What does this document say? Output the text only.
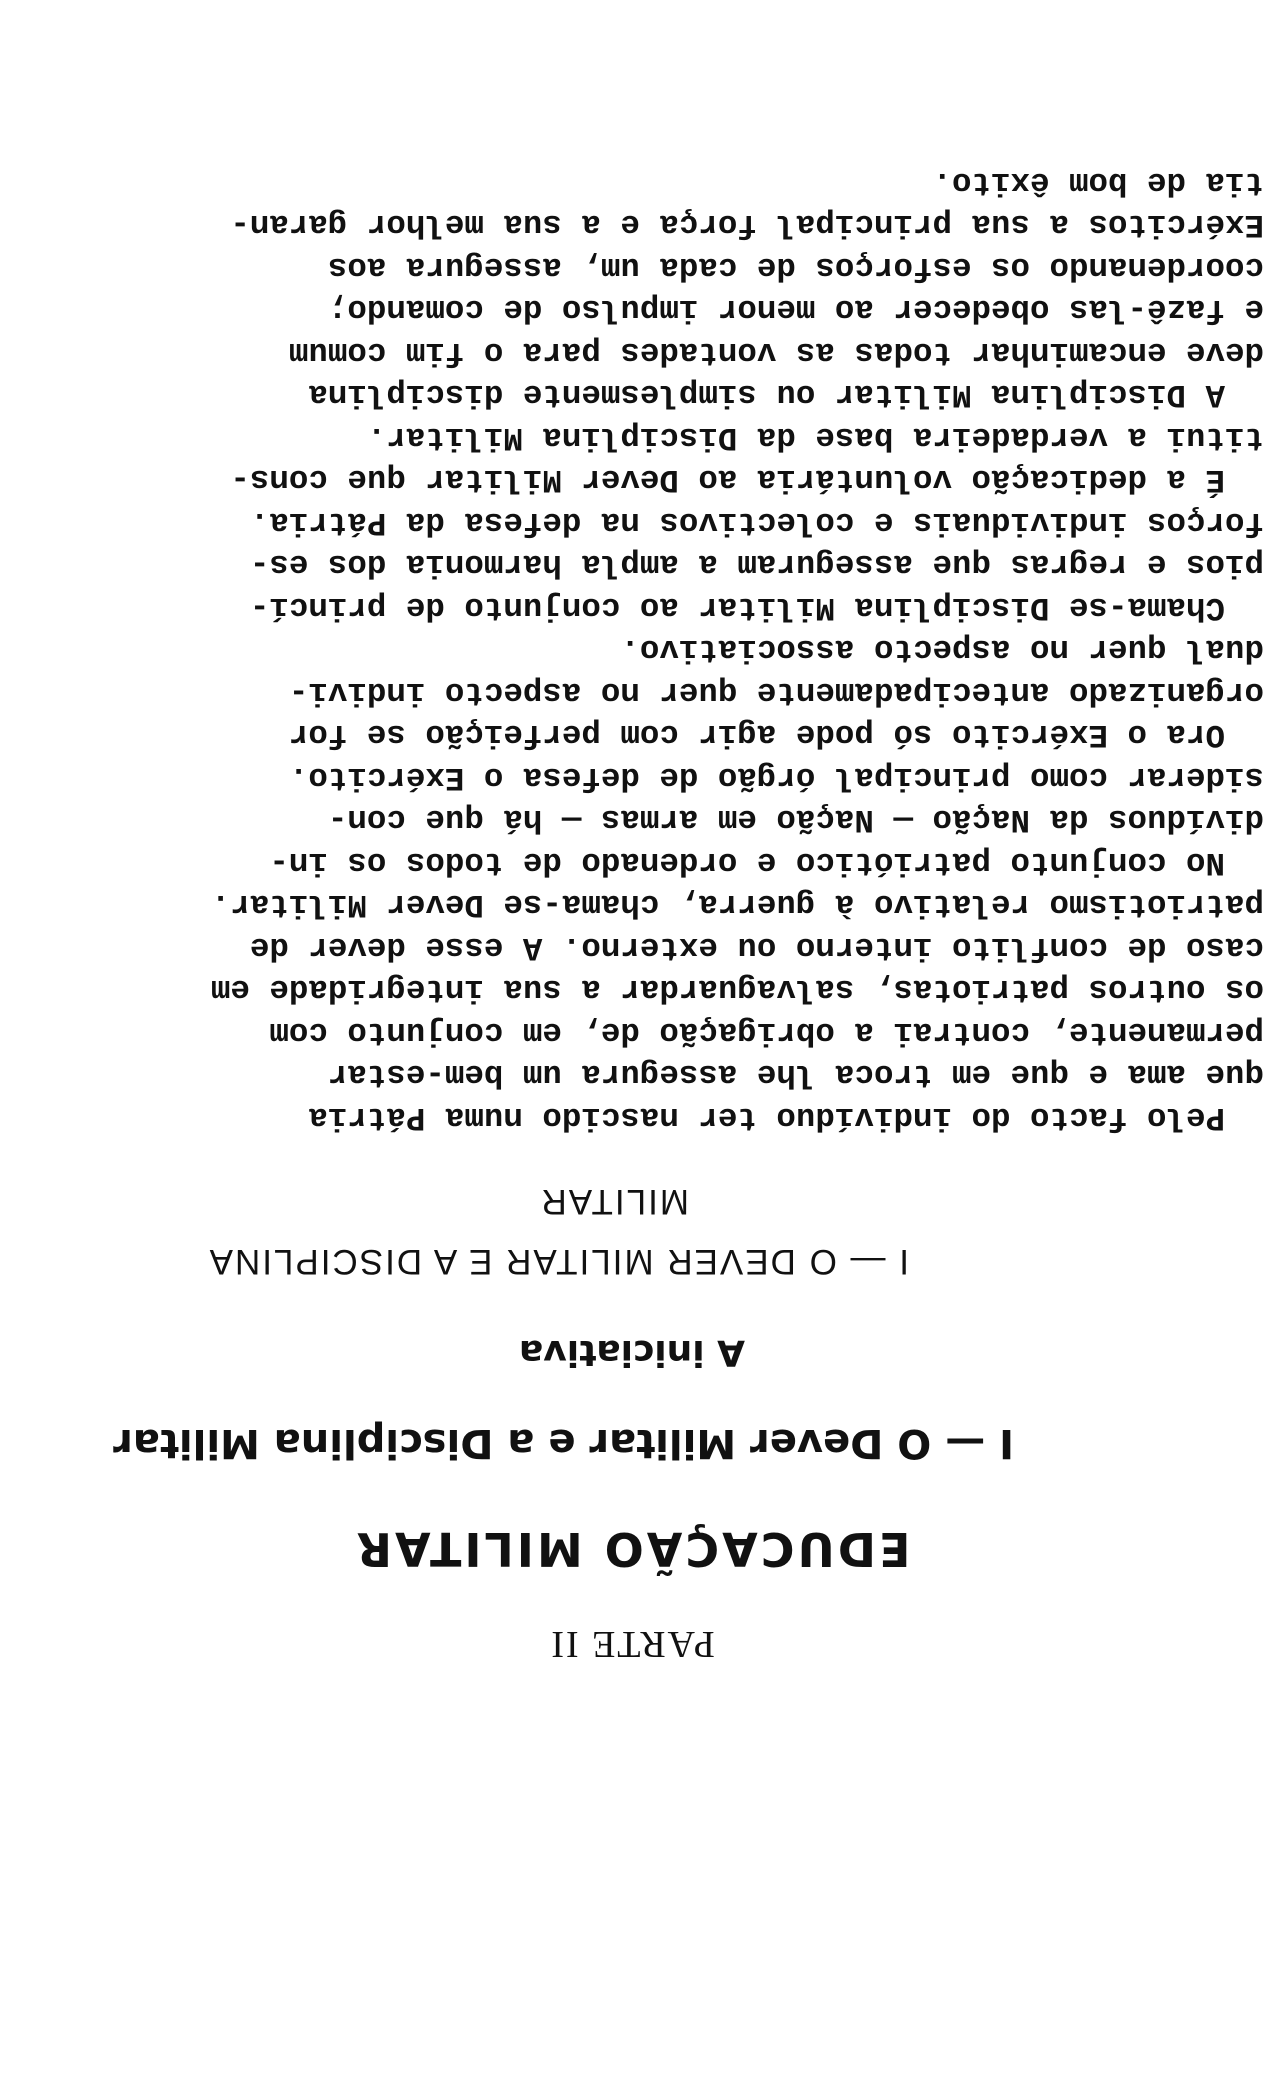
PARTE II
EDUCAÇÃO MILITAR
I — O Dever Militar e a Disciplina Militar
A iniciativa
I — O DEVER MILITAR E A DISCIPLINA
MILITAR
Pelo facto do indivíduo ter nascido numa Pátria
que ama e que em troca lhe assegura um bem-estar
permanente, contrai a obrigação de, em conjunto com
os outros patriotas, salvaguardar a sua integridade em
caso de conflito interno ou externo. A esse dever de
patriotismo relativo à guerra, chama-se Dever Militar.
No conjunto patriótico e ordenado de todos os in-
divíduos da Nação — Nação em armas — há que con-
siderar como principal órgão de defesa o Exército.
Ora o Exército só pode agir com perfeição se for
organizado antecipadamente quer no aspecto indivi-
dual quer no aspecto associativo.
Chama-se Disciplina Militar ao conjunto de princí-
pios e regras que asseguram a ampla harmonia dos es-
forços individuais e colectivos na defesa da Pátria.
É a dedicação voluntária ao Dever Militar que cons-
titui a verdadeira base da Disciplina Militar.
A Disciplina Militar ou simplesmente disciplina
deve encaminhar todas as vontades para o fim comum
e fazê-las obedecer ao menor impulso de comando;
coordenando os esforços de cada um, assegura aos
Exércitos a sua principal força e a sua melhor garan-
tia de bom êxito.
